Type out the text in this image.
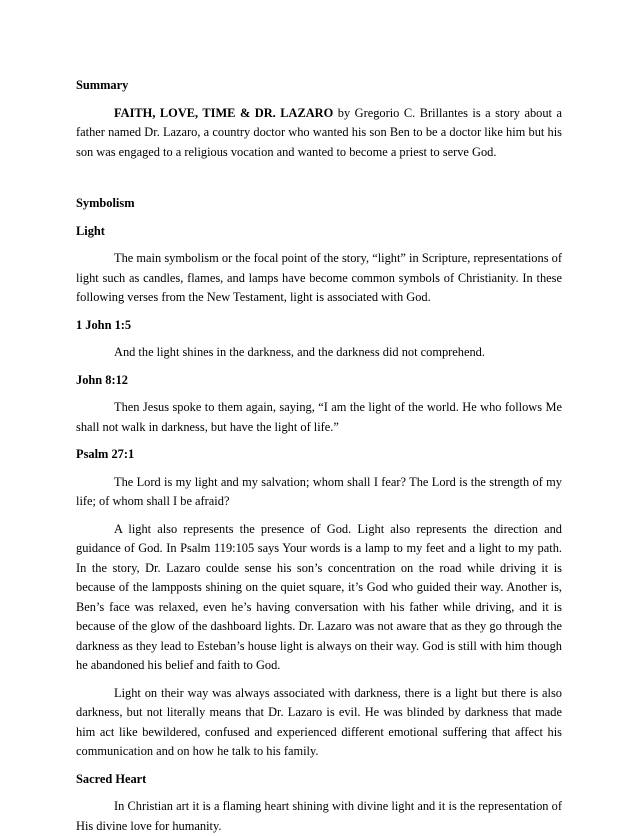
Summary

FAITH, LOVE, TIME & DR. LAZARO by Gregorio C. Brillantes is a story about a father named Dr. Lazaro, a country doctor who wanted his son Ben to be a doctor like him but his son was engaged to a religious vocation and wanted to become a priest to serve God.

Symbolism

Light

The main symbolism or the focal point of the story, “light” in Scripture, representations of light such as candles, flames, and lamps have become common symbols of Christianity. In these following verses from the New Testament, light is associated with God.

1 John 1:5

And the light shines in the darkness, and the darkness did not comprehend.

John 8:12

Then Jesus spoke to them again, saying, “I am the light of the world. He who follows Me shall not walk in darkness, but have the light of life.”

Psalm 27:1

The Lord is my light and my salvation; whom shall I fear? The Lord is the strength of my life; of whom shall I be afraid?

A light also represents the presence of God. Light also represents the direction and guidance of God. In Psalm 119:105 says Your words is a lamp to my feet and a light to my path. In the story, Dr. Lazaro coulde sense his son’s concentration on the road while driving it is because of the lampposts shining on the quiet square, it’s God who guided their way. Another is, Ben’s face was relaxed, even he’s having conversation with his father while driving, and it is because of the glow of the dashboard lights. Dr. Lazaro was not aware that as they go through the darkness as they lead to Esteban’s house light is always on their way. God is still with him though he abandoned his belief and faith to God.

Light on their way was always associated with darkness, there is a light but there is also darkness, but not literally means that Dr. Lazaro is evil. He was blinded by darkness that made him act like bewildered, confused and experienced different emotional suffering that affect his communication and on how he talk to his family.

Sacred Heart

In Christian art it is a flaming heart shining with divine light and it is the representation of His divine love for humanity.
